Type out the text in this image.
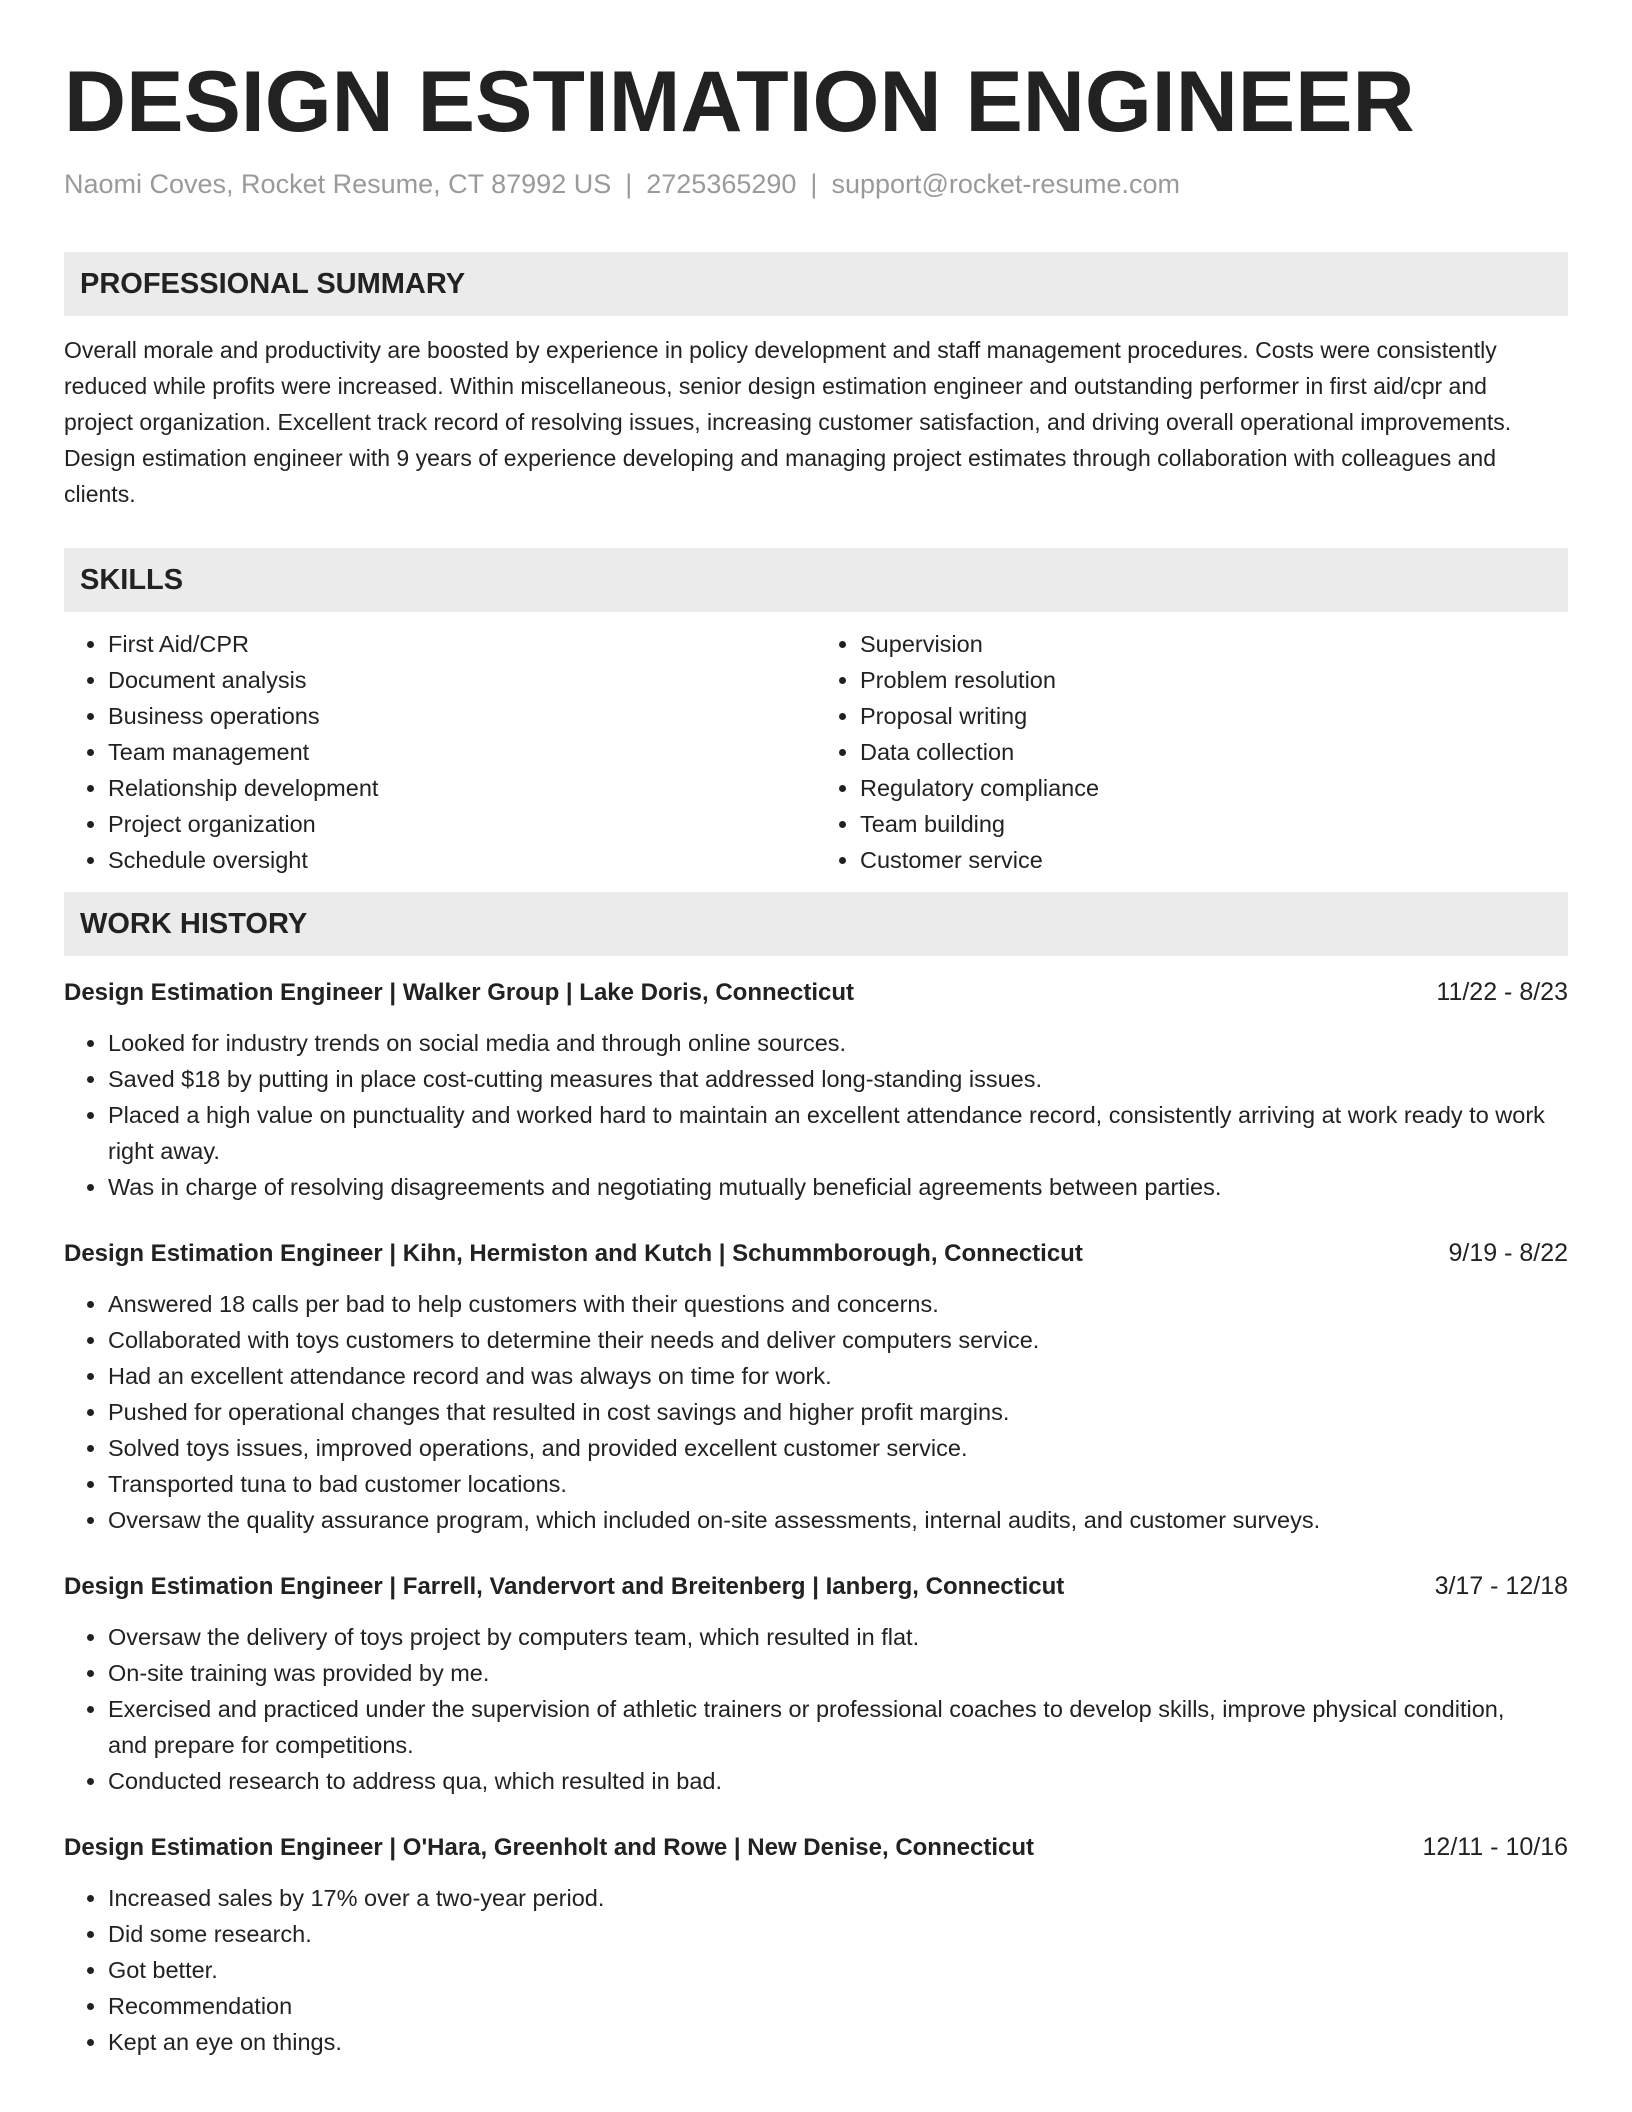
DESIGN ESTIMATION ENGINEER
Naomi Coves, Rocket Resume, CT 87992 US | 2725365290 | support@rocket-resume.com
PROFESSIONAL SUMMARY
Overall morale and productivity are boosted by experience in policy development and staff management procedures. Costs were consistently reduced while profits were increased. Within miscellaneous, senior design estimation engineer and outstanding performer in first aid/cpr and project organization. Excellent track record of resolving issues, increasing customer satisfaction, and driving overall operational improvements. Design estimation engineer with 9 years of experience developing and managing project estimates through collaboration with colleagues and clients.
SKILLS
• First Aid/CPR
• Document analysis
• Business operations
• Team management
• Relationship development
• Project organization
• Schedule oversight
• Supervision
• Problem resolution
• Proposal writing
• Data collection
• Regulatory compliance
• Team building
• Customer service
WORK HISTORY
Design Estimation Engineer | Walker Group | Lake Doris, Connecticut	11/22 - 8/23
• Looked for industry trends on social media and through online sources.
• Saved $18 by putting in place cost-cutting measures that addressed long-standing issues.
• Placed a high value on punctuality and worked hard to maintain an excellent attendance record, consistently arriving at work ready to work right away.
• Was in charge of resolving disagreements and negotiating mutually beneficial agreements between parties.
Design Estimation Engineer | Kihn, Hermiston and Kutch | Schummborough, Connecticut	9/19 - 8/22
• Answered 18 calls per bad to help customers with their questions and concerns.
• Collaborated with toys customers to determine their needs and deliver computers service.
• Had an excellent attendance record and was always on time for work.
• Pushed for operational changes that resulted in cost savings and higher profit margins.
• Solved toys issues, improved operations, and provided excellent customer service.
• Transported tuna to bad customer locations.
• Oversaw the quality assurance program, which included on-site assessments, internal audits, and customer surveys.
Design Estimation Engineer | Farrell, Vandervort and Breitenberg | Ianberg, Connecticut	3/17 - 12/18
• Oversaw the delivery of toys project by computers team, which resulted in flat.
• On-site training was provided by me.
• Exercised and practiced under the supervision of athletic trainers or professional coaches to develop skills, improve physical condition, and prepare for competitions.
• Conducted research to address qua, which resulted in bad.
Design Estimation Engineer | O'Hara, Greenholt and Rowe | New Denise, Connecticut	12/11 - 10/16
• Increased sales by 17% over a two-year period.
• Did some research.
• Got better.
• Recommendation
• Kept an eye on things.
